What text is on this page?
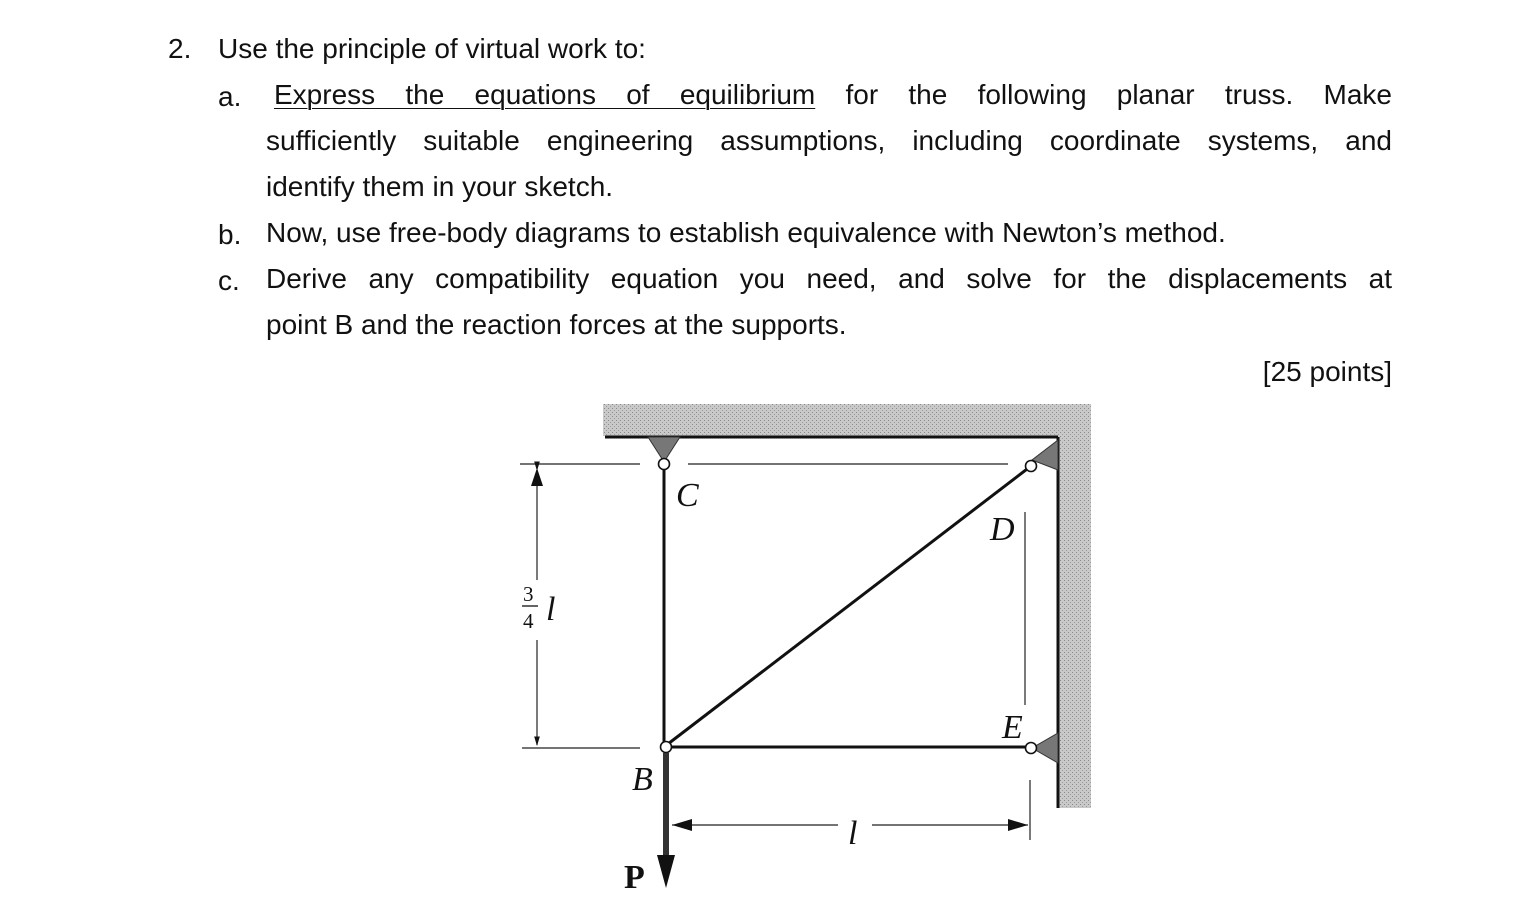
2. Use the principle of virtual work to:
a. Express the equations of equilibrium for the following planar truss. Make
sufficiently suitable engineering assumptions, including coordinate systems, and
identify them in your sketch.
b. Now, use free-body diagrams to establish equivalence with Newton’s method.
c. Derive any compatibility equation you need, and solve for the displacements at
point B and the reaction forces at the supports.
[25 points]
C
D
E
B
P
l
3
4 l
